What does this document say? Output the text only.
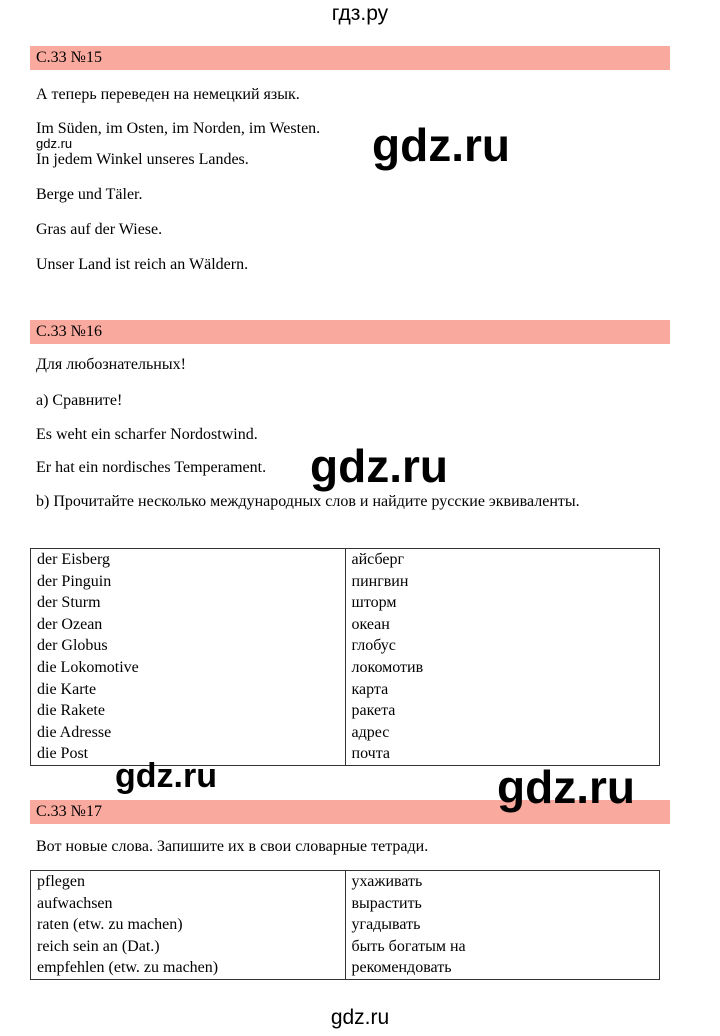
гдз.ру
С.33 №15
А теперь переведен на немецкий язык.
Im Süden, im Osten, im Norden, im Westen.
In jedem Winkel unseres Landes.
Berge und Täler.
Gras auf der Wiese.
Unser Land ist reich an Wäldern.
С.33 №16
Для любознательных!
а) Сравните!
Es weht ein scharfer Nordostwind.
Er hat ein nordisches Temperament.
b) Прочитайте несколько международных слов и найдите русские эквиваленты.
der Eisberg	айсберг
der Pinguin	пингвин
der Sturm	шторм
der Ozean	океан
der Globus	глобус
die Lokomotive	локомотив
die Karte	карта
die Rakete	ракета
die Adresse	адрес
die Post	почта
С.33 №17
Вот новые слова. Запишите их в свои словарные тетради.
pflegen	ухаживать
aufwachsen	вырастить
raten (etw. zu machen)	угадывать
reich sein an (Dat.)	быть богатым на
empfehlen (etw. zu machen)	рекомендовать
gdz.ru	gdz.ru
gdz.ru
gdz.ru	gdz.ru
gdz.ru
